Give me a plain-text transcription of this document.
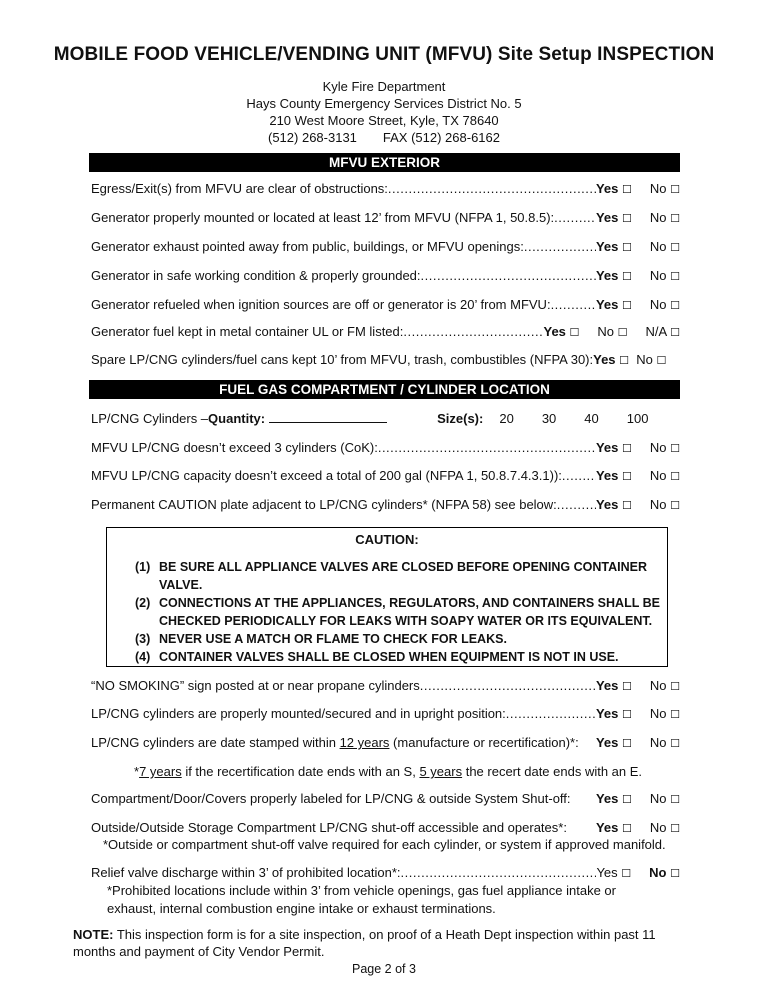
MOBILE FOOD VEHICLE/VENDING UNIT (MFVU) Site Setup INSPECTION
Kyle Fire Department
Hays County Emergency Services District No. 5
210 West Moore Street, Kyle, TX 78640
(512) 268-3131 FAX (512) 268-6162
MFVU EXTERIOR
Egress/Exit(s) from MFVU are clear of obstructions: .....	Yes ☐ No ☐
Generator properly mounted or located at least 12’ from MFVU (NFPA 1, 50.8.5): .....	Yes ☐ No ☐
Generator exhaust pointed away from public, buildings, or MFVU openings: .....	Yes ☐ No ☐
Generator in safe working condition & properly grounded: .....	Yes ☐ No ☐
Generator refueled when ignition sources are off or generator is 20’ from MFVU: .....	Yes ☐ No ☐
Generator fuel kept in metal container UL or FM listed: .....	Yes ☐ No ☐ N/A ☐
Spare LP/CNG cylinders/fuel cans kept 10’ from MFVU, trash, combustibles (NFPA 30): Yes ☐ No ☐
FUEL GAS COMPARTMENT / CYLINDER LOCATION
LP/CNG Cylinders – Quantity:	Size(s): 20 30 40 100
MFVU LP/CNG doesn’t exceed 3 cylinders (CoK): .....	Yes ☐ No ☐
MFVU LP/CNG capacity doesn’t exceed a total of 200 gal (NFPA 1, 50.8.7.4.3.1)): .....	Yes ☐ No ☐
Permanent CAUTION plate adjacent to LP/CNG cylinders* (NFPA 58) see below: .....	Yes ☐ No ☐
CAUTION:
(1) BE SURE ALL APPLIANCE VALVES ARE CLOSED BEFORE OPENING CONTAINER VALVE.
(2) CONNECTIONS AT THE APPLIANCES, REGULATORS, AND CONTAINERS SHALL BE CHECKED PERIODICALLY FOR LEAKS WITH SOAPY WATER OR ITS EQUIVALENT.
(3) NEVER USE A MATCH OR FLAME TO CHECK FOR LEAKS.
(4) CONTAINER VALVES SHALL BE CLOSED WHEN EQUIPMENT IS NOT IN USE.
“NO SMOKING” sign posted at or near propane cylinders .....	Yes ☐ No ☐
LP/CNG cylinders are properly mounted/secured and in upright position: .....	Yes ☐ No ☐
LP/CNG cylinders are date stamped within 12 years (manufacture or recertification)*: Yes ☐ No ☐
*7 years if the recertification date ends with an S, 5 years the recert date ends with an E.
Compartment/Door/Covers properly labeled for LP/CNG & outside System Shut-off: Yes ☐ No ☐
Outside/Outside Storage Compartment LP/CNG shut-off accessible and operates*: Yes ☐ No ☐
*Outside or compartment shut-off valve required for each cylinder, or system if approved manifold.
Relief valve discharge within 3’ of prohibited location*: .....	Yes ☐ No ☐
*Prohibited locations include within 3’ from vehicle openings, gas fuel appliance intake or
exhaust, internal combustion engine intake or exhaust terminations.
NOTE: This inspection form is for a site inspection, on proof of a Heath Dept inspection within past 11
months and payment of City Vendor Permit.
Page 2 of 3
